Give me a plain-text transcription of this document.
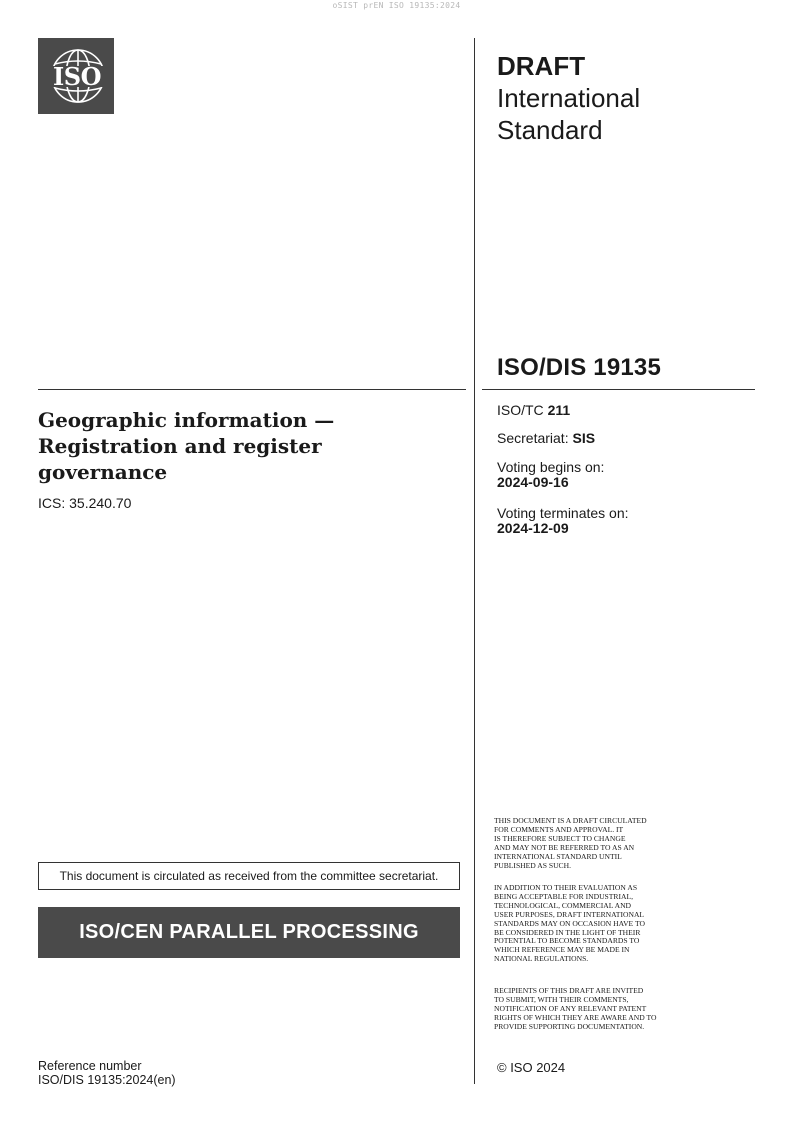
oSIST prEN ISO 19135:2024
ISO	DRAFT
International
Standard
ISO/DIS 19135
Geographic information —
Registration and register
governance
ICS: 35.240.70
ISO/TC 211
Secretariat: SIS
Voting begins on:
2024-09-16
Voting terminates on:
2024-12-09
THIS DOCUMENT IS A DRAFT CIRCULATED
FOR COMMENTS AND APPROVAL. IT
IS THEREFORE SUBJECT TO CHANGE
AND MAY NOT BE REFERRED TO AS AN
INTERNATIONAL STANDARD UNTIL
PUBLISHED AS SUCH.
IN ADDITION TO THEIR EVALUATION AS
BEING ACCEPTABLE FOR INDUSTRIAL,
TECHNOLOGICAL, COMMERCIAL AND
USER PURPOSES, DRAFT INTERNATIONAL
STANDARDS MAY ON OCCASION HAVE TO
BE CONSIDERED IN THE LIGHT OF THEIR
POTENTIAL TO BECOME STANDARDS TO
WHICH REFERENCE MAY BE MADE IN
NATIONAL REGULATIONS.
RECIPIENTS OF THIS DRAFT ARE INVITED
TO SUBMIT, WITH THEIR COMMENTS,
NOTIFICATION OF ANY RELEVANT PATENT
RIGHTS OF WHICH THEY ARE AWARE AND TO
PROVIDE SUPPORTING DOCUMENTATION.
This document is circulated as received from the committee secretariat.
ISO/CEN PARALLEL PROCESSING
Reference number
ISO/DIS 19135:2024(en)
© ISO 2024
